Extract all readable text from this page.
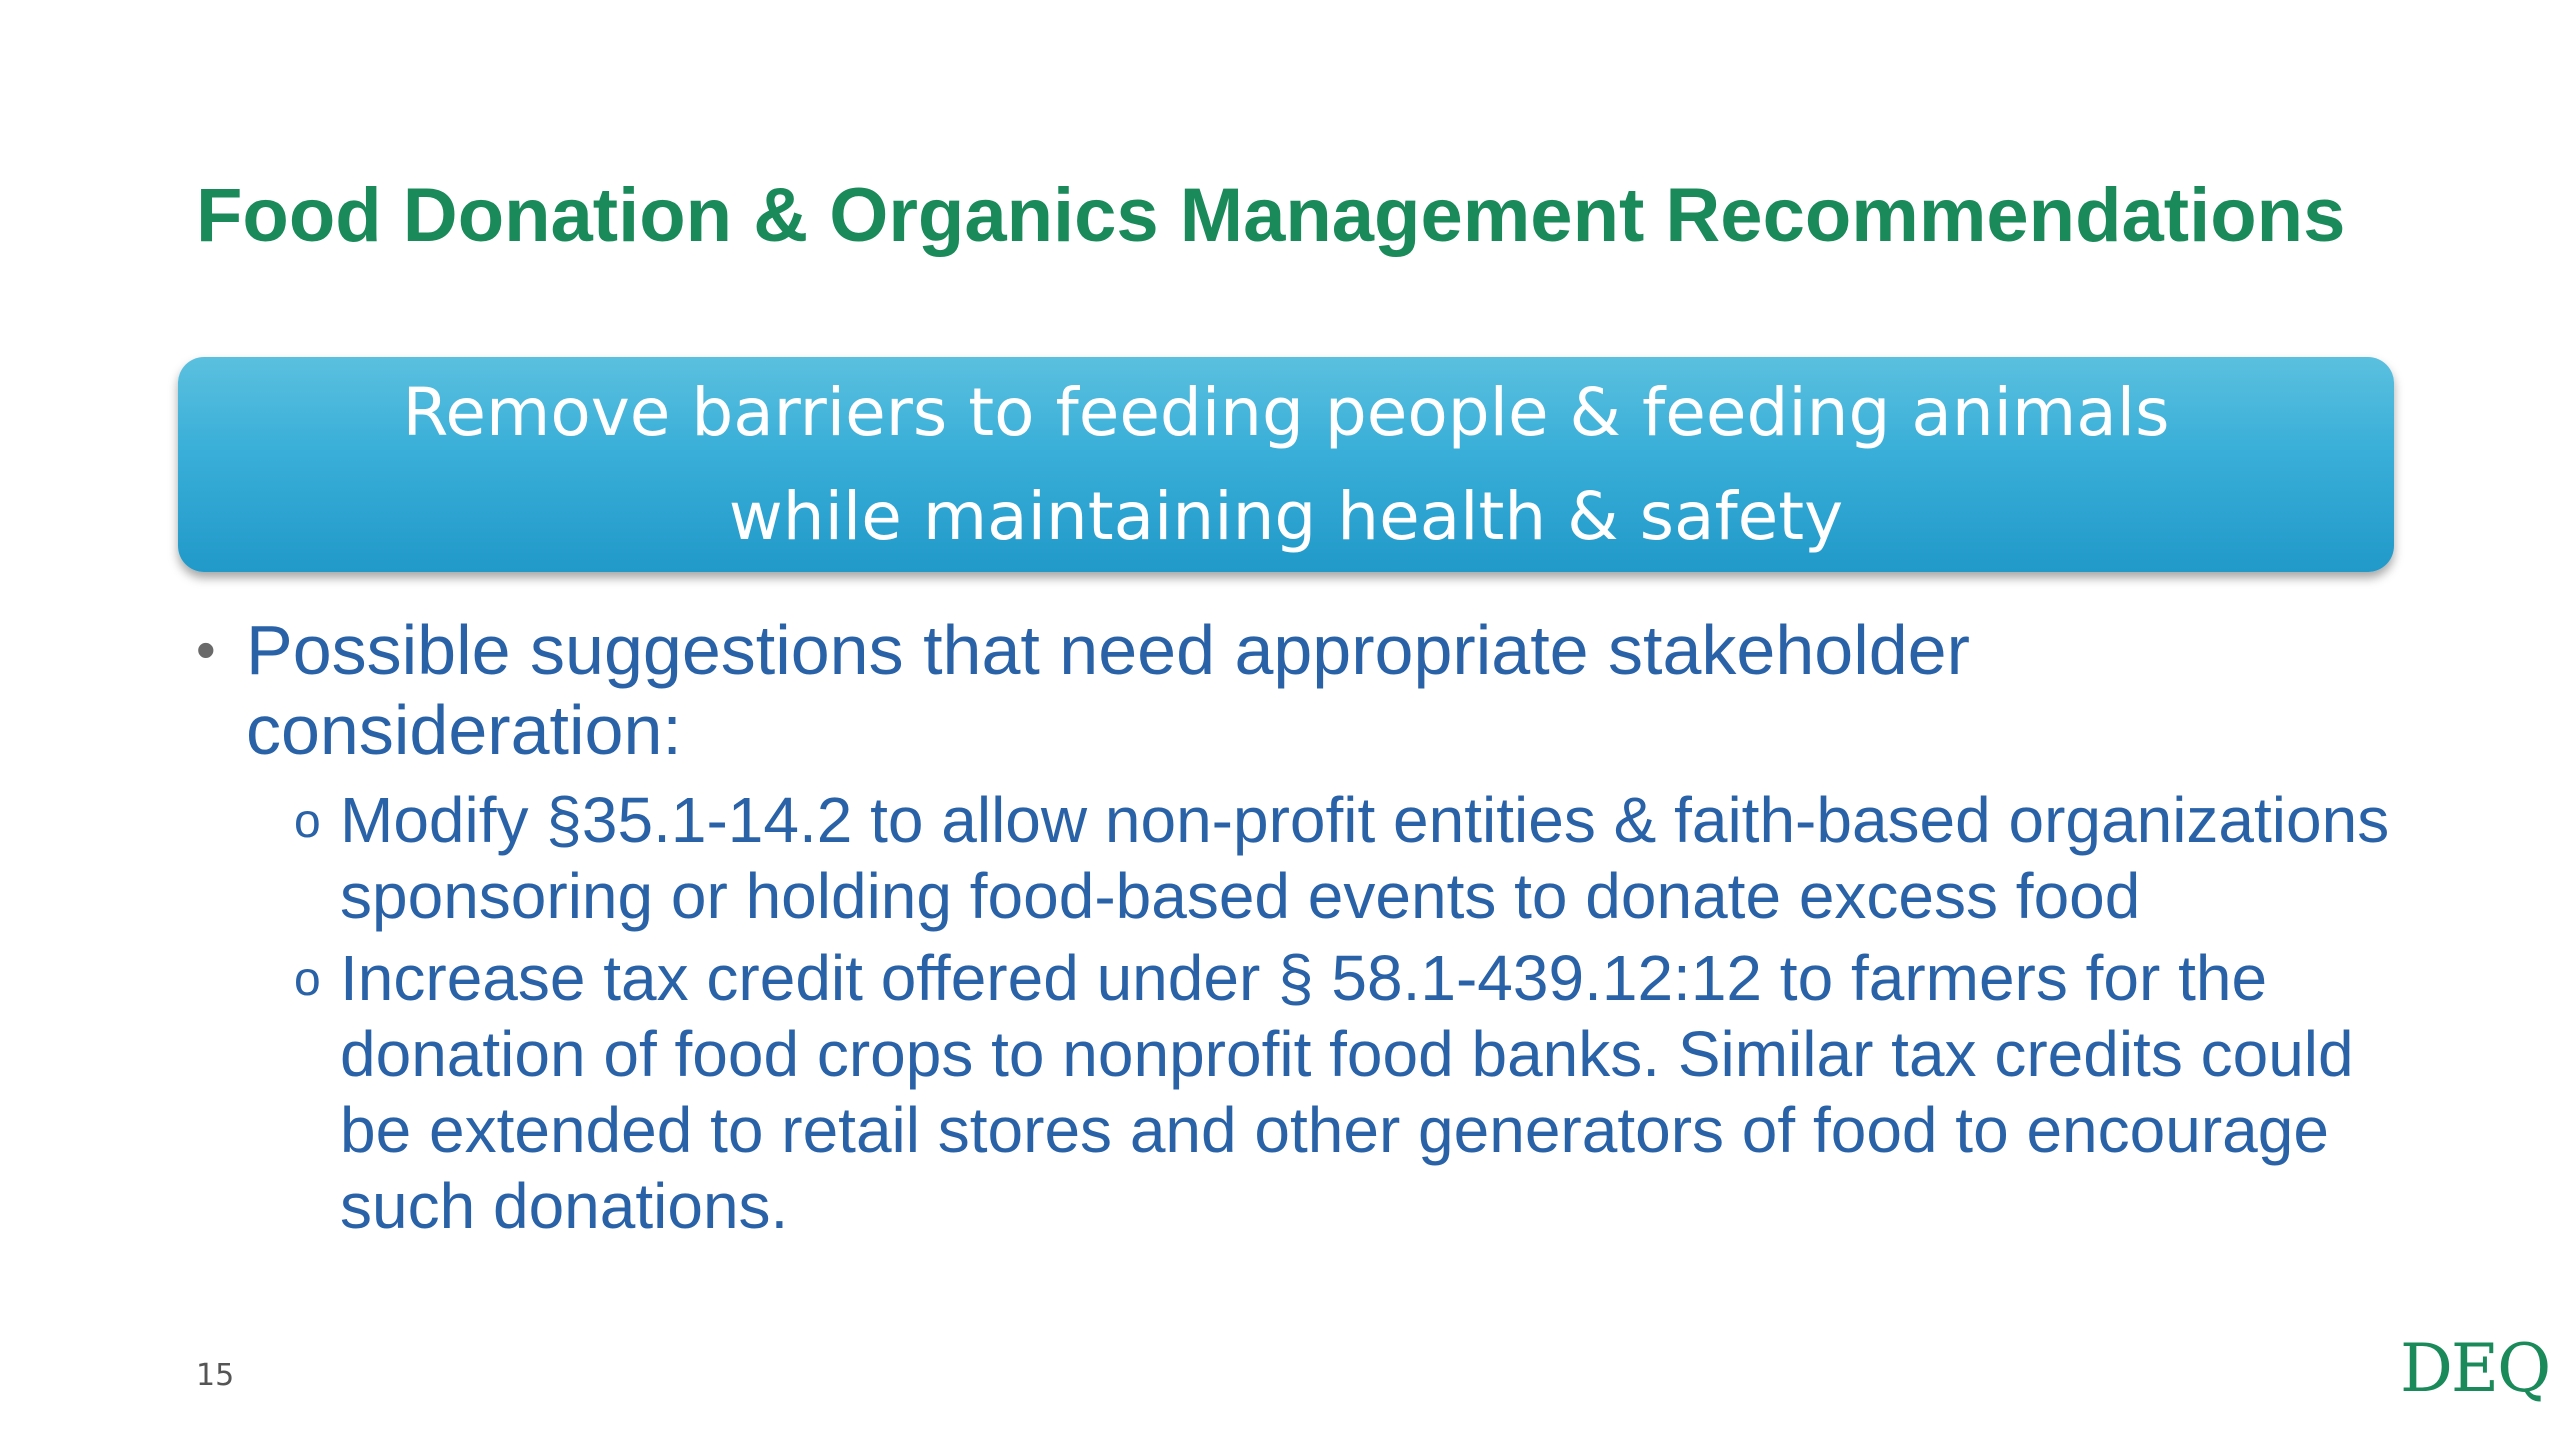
Food Donation & Organics Management Recommendations
Remove barriers to feeding people & feeding animals
while maintaining health & safety
• Possible suggestions that need appropriate stakeholder consideration:
o Modify §35.1-14.2 to allow non-profit entities & faith-based organizations sponsoring or holding food-based events to donate excess food
o Increase tax credit offered under § 58.1-439.12:12 to farmers for the donation of food crops to nonprofit food banks. Similar tax credits could be extended to retail stores and other generators of food to encourage such donations.
15	DEQ
